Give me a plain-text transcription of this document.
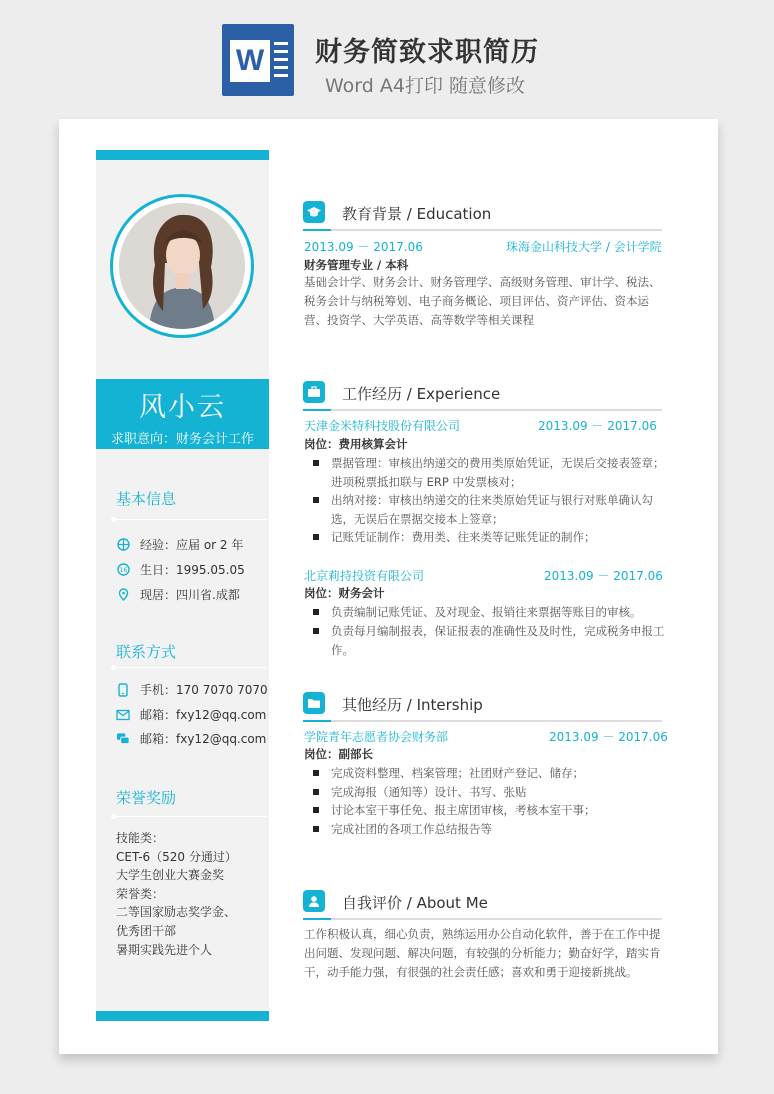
W 财务简致求职简历
Word A4打印 随意修改
风小云
求职意向：财务会计工作
基本信息
经验：应届 or 2 年
16 生日：1995.05.05
现居：四川省.成都
联系方式
手机：170 7070 7070
邮箱：fxy12@qq.com
邮箱：fxy12@qq.com
荣誉奖励
技能类：
CET-6（520 分通过）
大学生创业大赛金奖
荣誉类：
二等国家励志奖学金、
优秀团干部
暑期实践先进个人
教育背景 / Education
2013.09 － 2017.06	珠海金山科技大学 / 会计学院
财务管理专业 / 本科
基础会计学、财务会计、财务管理学、高级财务管理、审计学、税法、税务会计与纳税筹划、电子商务概论、项目评估、资产评估、资本运营、投资学、大学英语、高等数学等相关课程
工作经历 / Experience
天津金米特科技股份有限公司	2013.09 － 2017.06
岗位：费用核算会计
票据管理：审核出纳递交的费用类原始凭证，无误后交接表签章；进项税票抵扣联与 ERP 中发票核对；
出纳对接：审核出纳递交的往来类原始凭证与银行对账单确认勾选，无误后在票据交接本上签章；
记账凭证制作：费用类、往来类等记账凭证的制作；
北京莉持投资有限公司	2013.09 － 2017.06
岗位：财务会计
负责编制记账凭证、及对现金、报销往来票据等账目的审核。
负责每月编制报表，保证报表的准确性及及时性，完成税务申报工作。
其他经历 / Intership
学院青年志愿者协会财务部	2013.09 － 2017.06
岗位：副部长
完成资料整理、档案管理；社团财产登记、储存；
完成海报（通知等）设计、书写、张贴
讨论本室干事任免、报主席团审核，考核本室干事；
完成社团的各项工作总结报告等
自我评价 / About Me
工作积极认真，细心负责，熟练运用办公自动化软件，善于在工作中提出问题、发现问题、解决问题，有较强的分析能力；勤奋好学，踏实肯干，动手能力强，有很强的社会责任感；喜欢和勇于迎接新挑战。
